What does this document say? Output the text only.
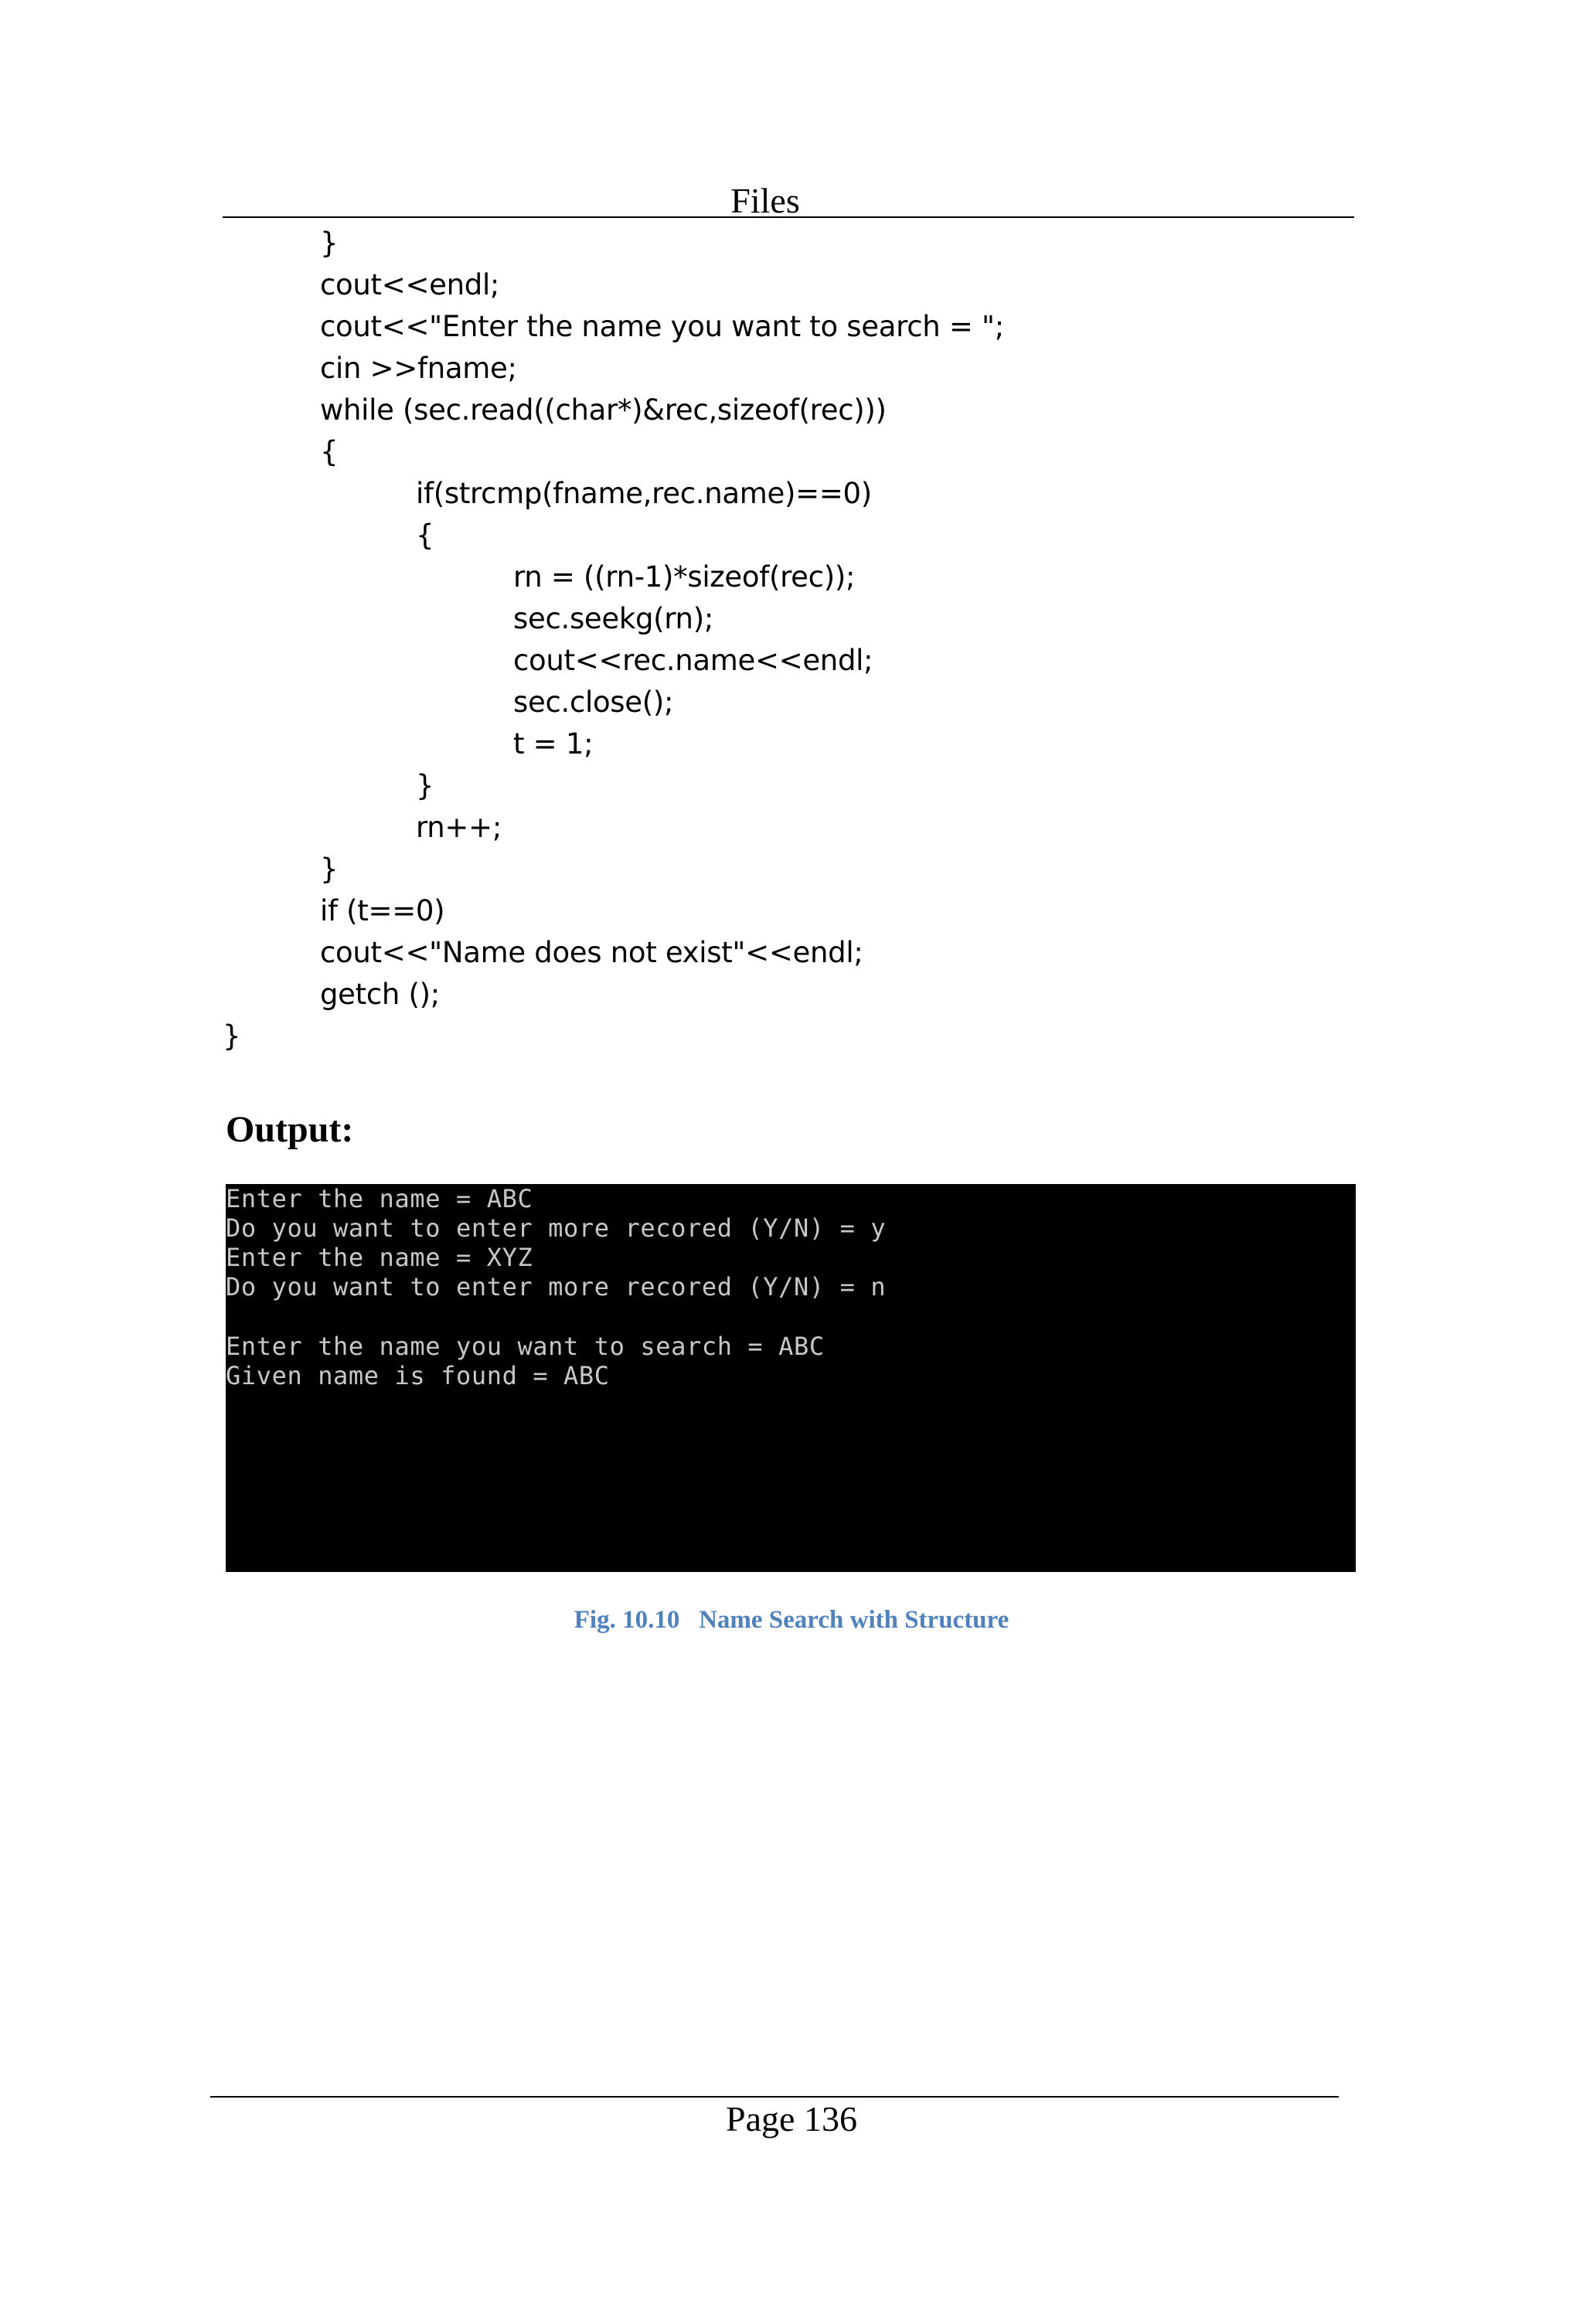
Files
}
cout<<endl;
cout<<"Enter the name you want to search = ";
cin >>fname;
while (sec.read((char*)&rec,sizeof(rec)))
{
if(strcmp(fname,rec.name)==0)
{
rn = ((rn-1)*sizeof(rec));
sec.seekg(rn);
cout<<rec.name<<endl;
sec.close();
t = 1;
}
rn++;
}
if (t==0)
cout<<"Name does not exist"<<endl;
getch ();
}
Output:
Enter the name = ABC
Do you want to enter more recored (Y/N) = y
Enter the name = XYZ
Do you want to enter more recored (Y/N) = n
Enter the name you want to search = ABC
Given name is found = ABC
Fig. 10.10   Name Search with Structure
Page 136
